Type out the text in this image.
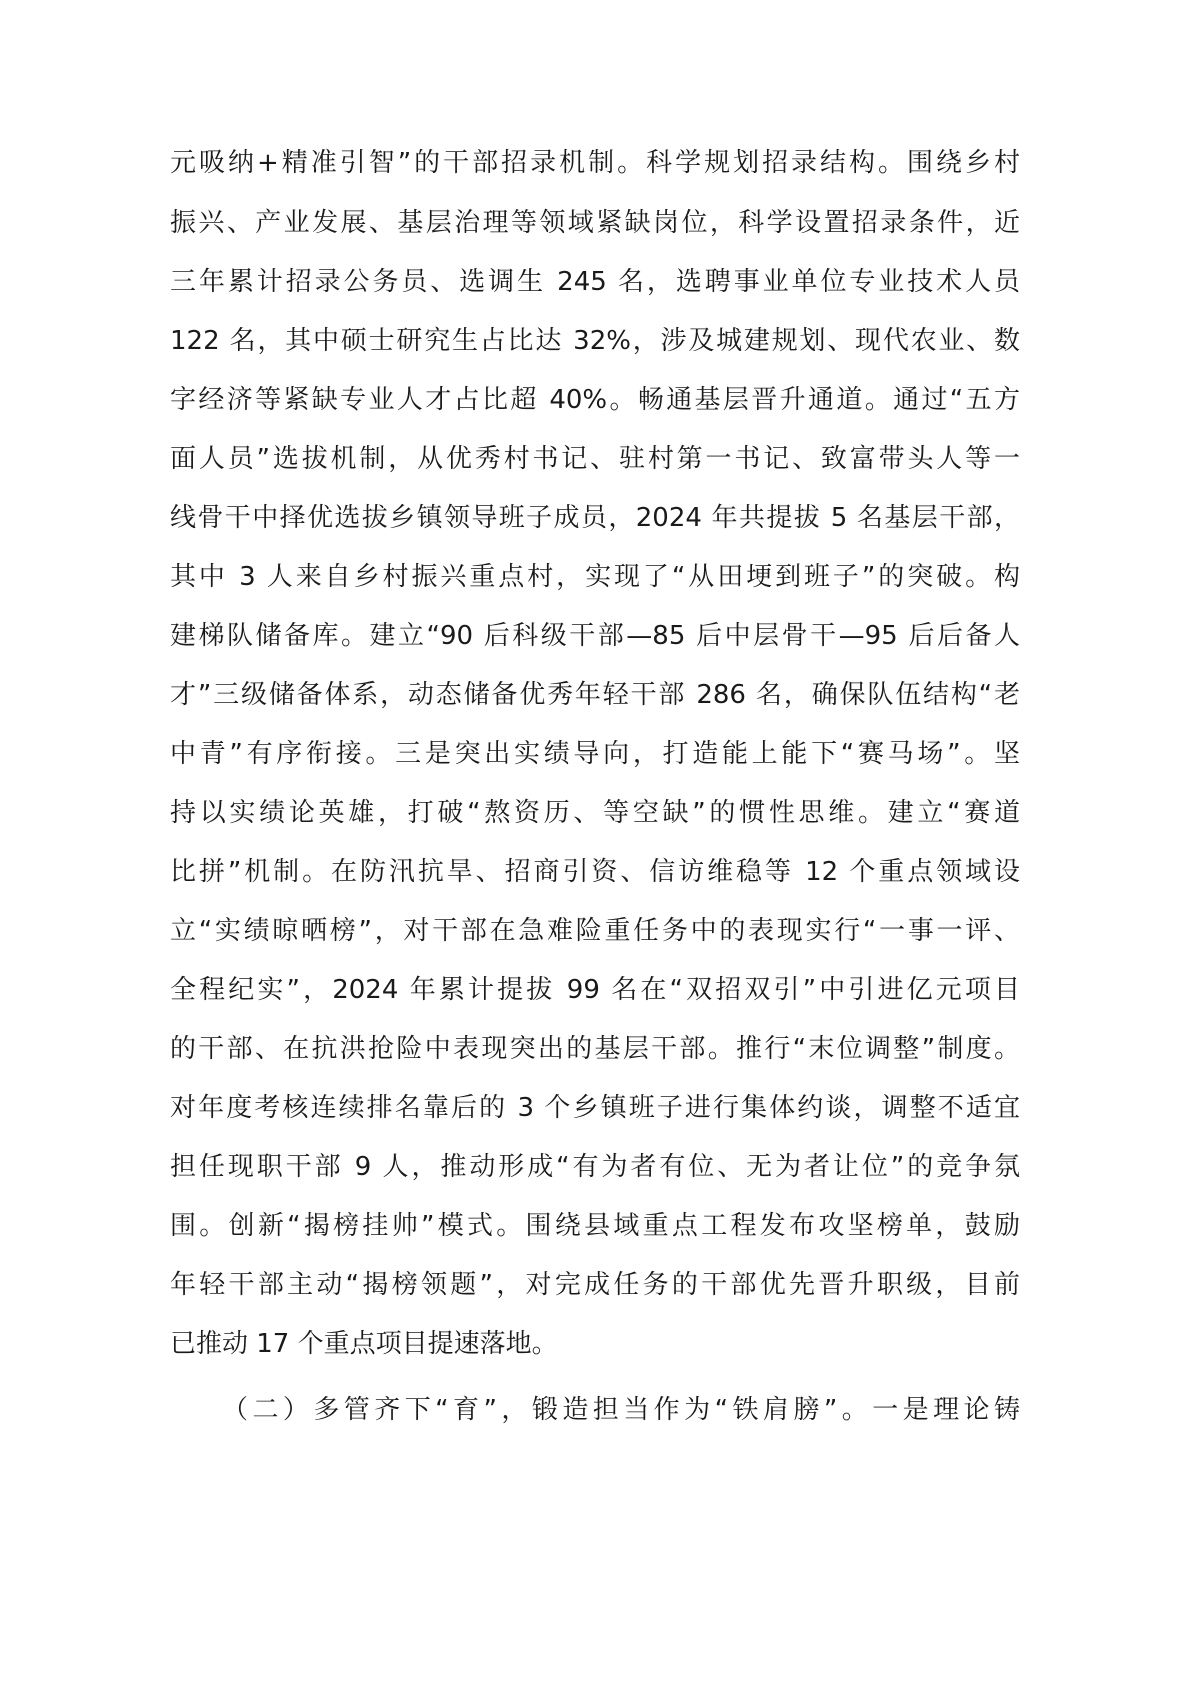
元吸纳+精准引智”的干部招录机制。科学规划招录结构。围绕乡村
振兴、产业发展、基层治理等领域紧缺岗位，科学设置招录条件，近
三年累计招录公务员、选调生 245 名，选聘事业单位专业技术人员
122 名，其中硕士研究生占比达 32%，涉及城建规划、现代农业、数
字经济等紧缺专业人才占比超 40%。畅通基层晋升通道。通过“五方
面人员”选拔机制，从优秀村书记、驻村第一书记、致富带头人等一
线骨干中择优选拔乡镇领导班子成员，2024 年共提拔 5 名基层干部，
其中 3 人来自乡村振兴重点村，实现了“从田埂到班子”的突破。构
建梯队储备库。建立“90 后科级干部—85 后中层骨干—95 后后备人
才”三级储备体系，动态储备优秀年轻干部 286 名，确保队伍结构“老
中青”有序衔接。三是突出实绩导向，打造能上能下“赛马场”。坚
持以实绩论英雄，打破“熬资历、等空缺”的惯性思维。建立“赛道
比拼”机制。在防汛抗旱、招商引资、信访维稳等 12 个重点领域设
立“实绩晾晒榜”，对干部在急难险重任务中的表现实行“一事一评、
全程纪实”，2024 年累计提拔 99 名在“双招双引”中引进亿元项目
的干部、在抗洪抢险中表现突出的基层干部。推行“末位调整”制度。
对年度考核连续排名靠后的 3 个乡镇班子进行集体约谈，调整不适宜
担任现职干部 9 人，推动形成“有为者有位、无为者让位”的竞争氛
围。创新“揭榜挂帅”模式。围绕县域重点工程发布攻坚榜单，鼓励
年轻干部主动“揭榜领题”，对完成任务的干部优先晋升职级，目前
已推动 17 个重点项目提速落地。
（二）多管齐下“育”，锻造担当作为“铁肩膀”。一是理论铸
